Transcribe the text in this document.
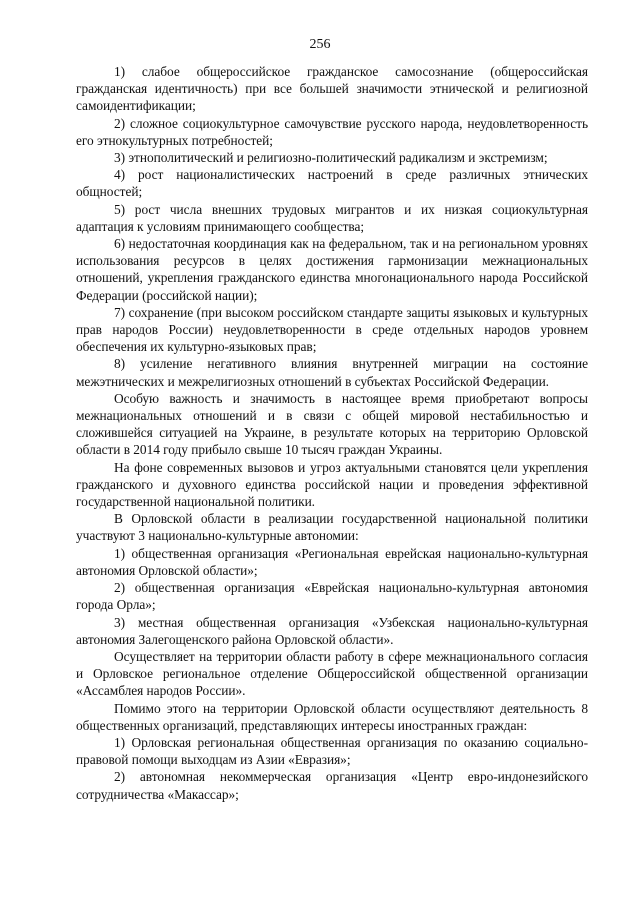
256

1) слабое общероссийское гражданское самосознание (общероссийская гражданская идентичность) при все большей значимости этнической и религиозной самоидентификации;

2) сложное социокультурное самочувствие русского народа, неудовлетворенность его этнокультурных потребностей;

3) этнополитический и религиозно-политический радикализм и экстремизм;

4) рост националистических настроений в среде различных этнических общностей;

5) рост числа внешних трудовых мигрантов и их низкая социокультурная адаптация к условиям принимающего сообщества;

6) недостаточная координация как на федеральном, так и на региональном уровнях использования ресурсов в целях достижения гармонизации межнациональных отношений, укрепления гражданского единства многонационального народа Российской Федерации (российской нации);

7) сохранение (при высоком российском стандарте защиты языковых и культурных прав народов России) неудовлетворенности в среде отдельных народов уровнем обеспечения их культурно-языковых прав;

8) усиление негативного влияния внутренней миграции на состояние межэтнических и межрелигиозных отношений в субъектах Российской Федерации.

Особую важность и значимость в настоящее время приобретают вопросы межнациональных отношений и в связи с общей мировой нестабильностью и сложившейся ситуацией на Украине, в результате которых на территорию Орловской области в 2014 году прибыло свыше 10 тысяч граждан Украины.

На фоне современных вызовов и угроз актуальными становятся цели укрепления гражданского и духовного единства российской нации и проведения эффективной государственной национальной политики.

В Орловской области в реализации государственной национальной политики участвуют 3 национально-культурные автономии:

1) общественная организация «Региональная еврейская национально-культурная автономия Орловской области»;

2) общественная организация «Еврейская национально-культурная автономия города Орла»;

3) местная общественная организация «Узбекская национально-культурная автономия Залегощенского района Орловской области».

Осуществляет на территории области работу в сфере межнационального согласия и Орловское региональное отделение Общероссийской общественной организации «Ассамблея народов России».

Помимо этого на территории Орловской области осуществляют деятельность 8 общественных организаций, представляющих интересы иностранных граждан:

1) Орловская региональная общественная организация по оказанию социально-правовой помощи выходцам из Азии «Евразия»;

2) автономная некоммерческая организация «Центр евро-индонезийского сотрудничества «Макассар»;
